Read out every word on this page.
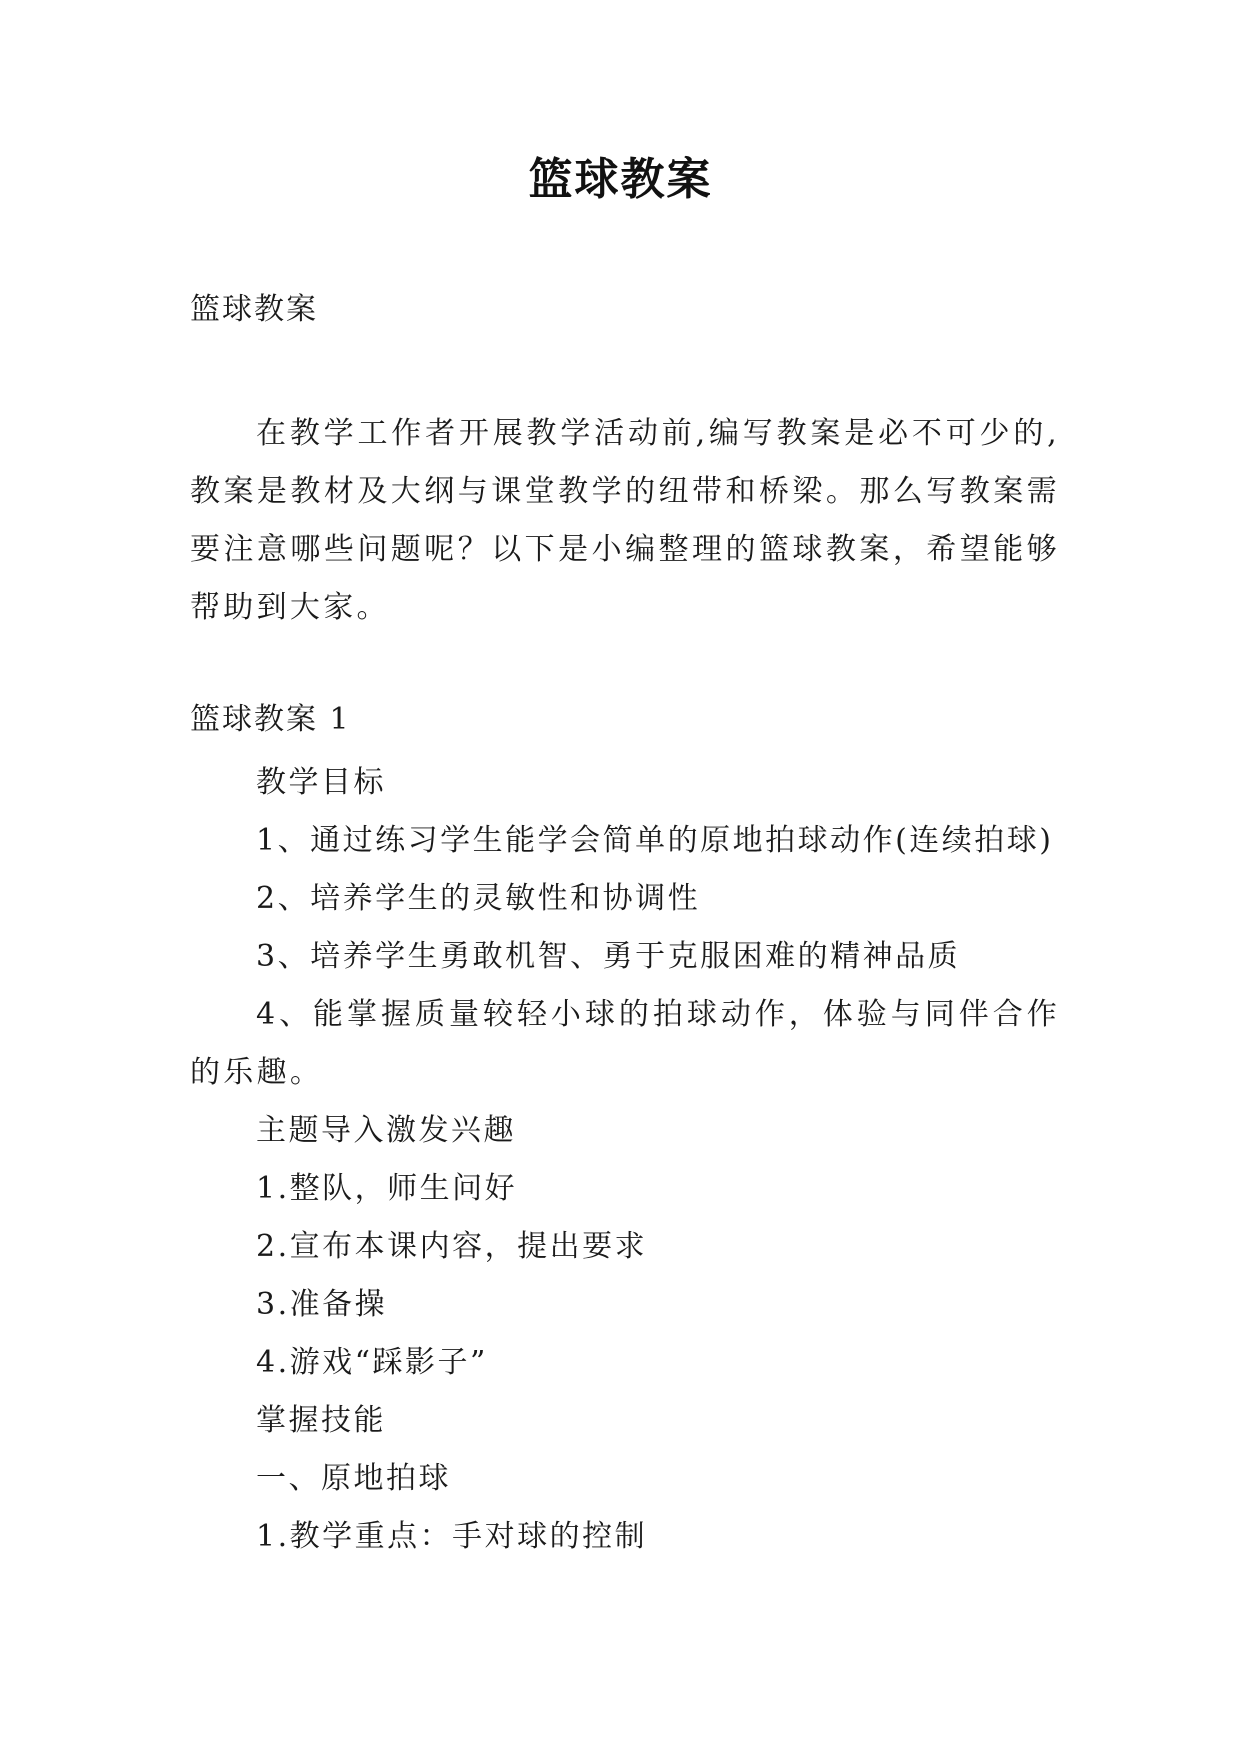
篮球教案
篮球教案

在教学工作者开展教学活动前,编写教案是必不可少的,教案是教材及大纲与课堂教学的纽带和桥梁。那么写教案需要注意哪些问题呢？以下是小编整理的篮球教案，希望能够帮助到大家。

篮球教案 1
教学目标
1、通过练习学生能学会简单的原地拍球动作(连续拍球)
2、培养学生的灵敏性和协调性
3、培养学生勇敢机智、勇于克服困难的精神品质

4、能掌握质量较轻小球的拍球动作，体验与同伴合作的乐趣。

主题导入激发兴趣
1.整队，师生问好
2.宣布本课内容，提出要求
3.准备操
4.游戏“踩影子”
掌握技能
一、原地拍球
1.教学重点：手对球的控制
